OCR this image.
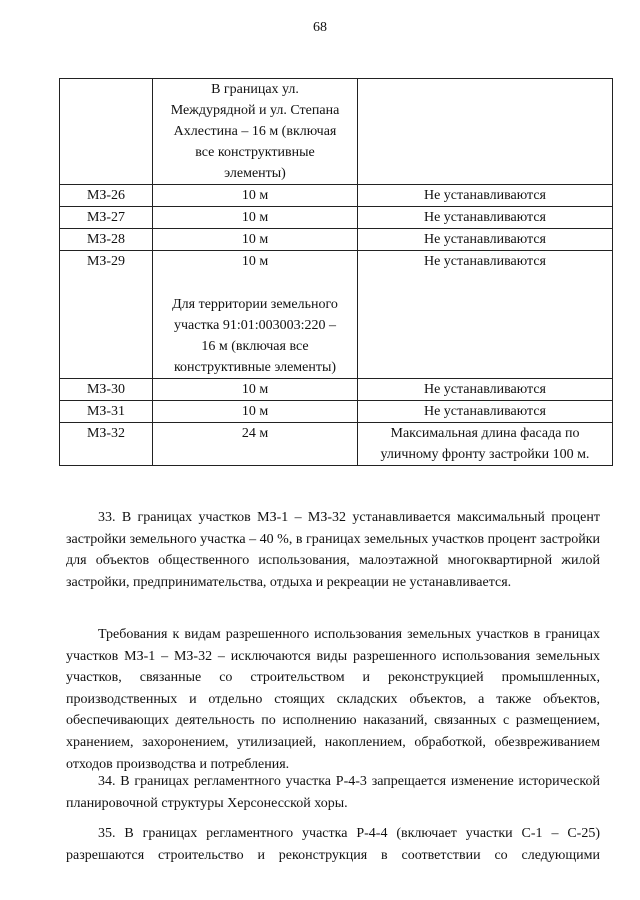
68

	В границах ул.
Междурядной и ул. Степана
Ахлестина – 16 м (включая
все конструктивные
элементы)	

МЗ-26	10 м	Не устанавливаются
МЗ-27	10 м	Не устанавливаются
МЗ-28	10 м	Не устанавливаются
МЗ-29	10 м
Для территории земельного
участка 91:01:003003:220 –
16 м (включая все
конструктивные элементы)	Не устанавливаются
МЗ-30	10 м	Не устанавливаются
МЗ-31	10 м	Не устанавливаются
МЗ-32	24 м	Максимальная длина фасада по
уличному фронту застройки 100 м.

33. В границах участков МЗ-1 – МЗ-32 устанавливается максимальный процент застройки земельного участка – 40 %, в границах земельных участков процент застройки для объектов общественного использования, малоэтажной многоквартирной жилой застройки, предпринимательства, отдыха и рекреации не устанавливается.

Требования к видам разрешенного использования земельных участков в границах участков МЗ-1 – МЗ-32 – исключаются виды разрешенного использования земельных участков, связанные со строительством и реконструкцией промышленных, производственных и отдельно стоящих складских объектов, а также объектов, обеспечивающих деятельность по исполнению наказаний, связанных с размещением, хранением, захоронением, утилизацией, накоплением, обработкой, обезвреживанием отходов производства и потребления.

34. В границах регламентного участка Р-4-3 запрещается изменение исторической планировочной структуры Херсонесской хоры.

35. В границах регламентного участка Р-4-4 (включает участки С-1 – С-25) разрешаются строительство и реконструкция в соответствии со следующими
